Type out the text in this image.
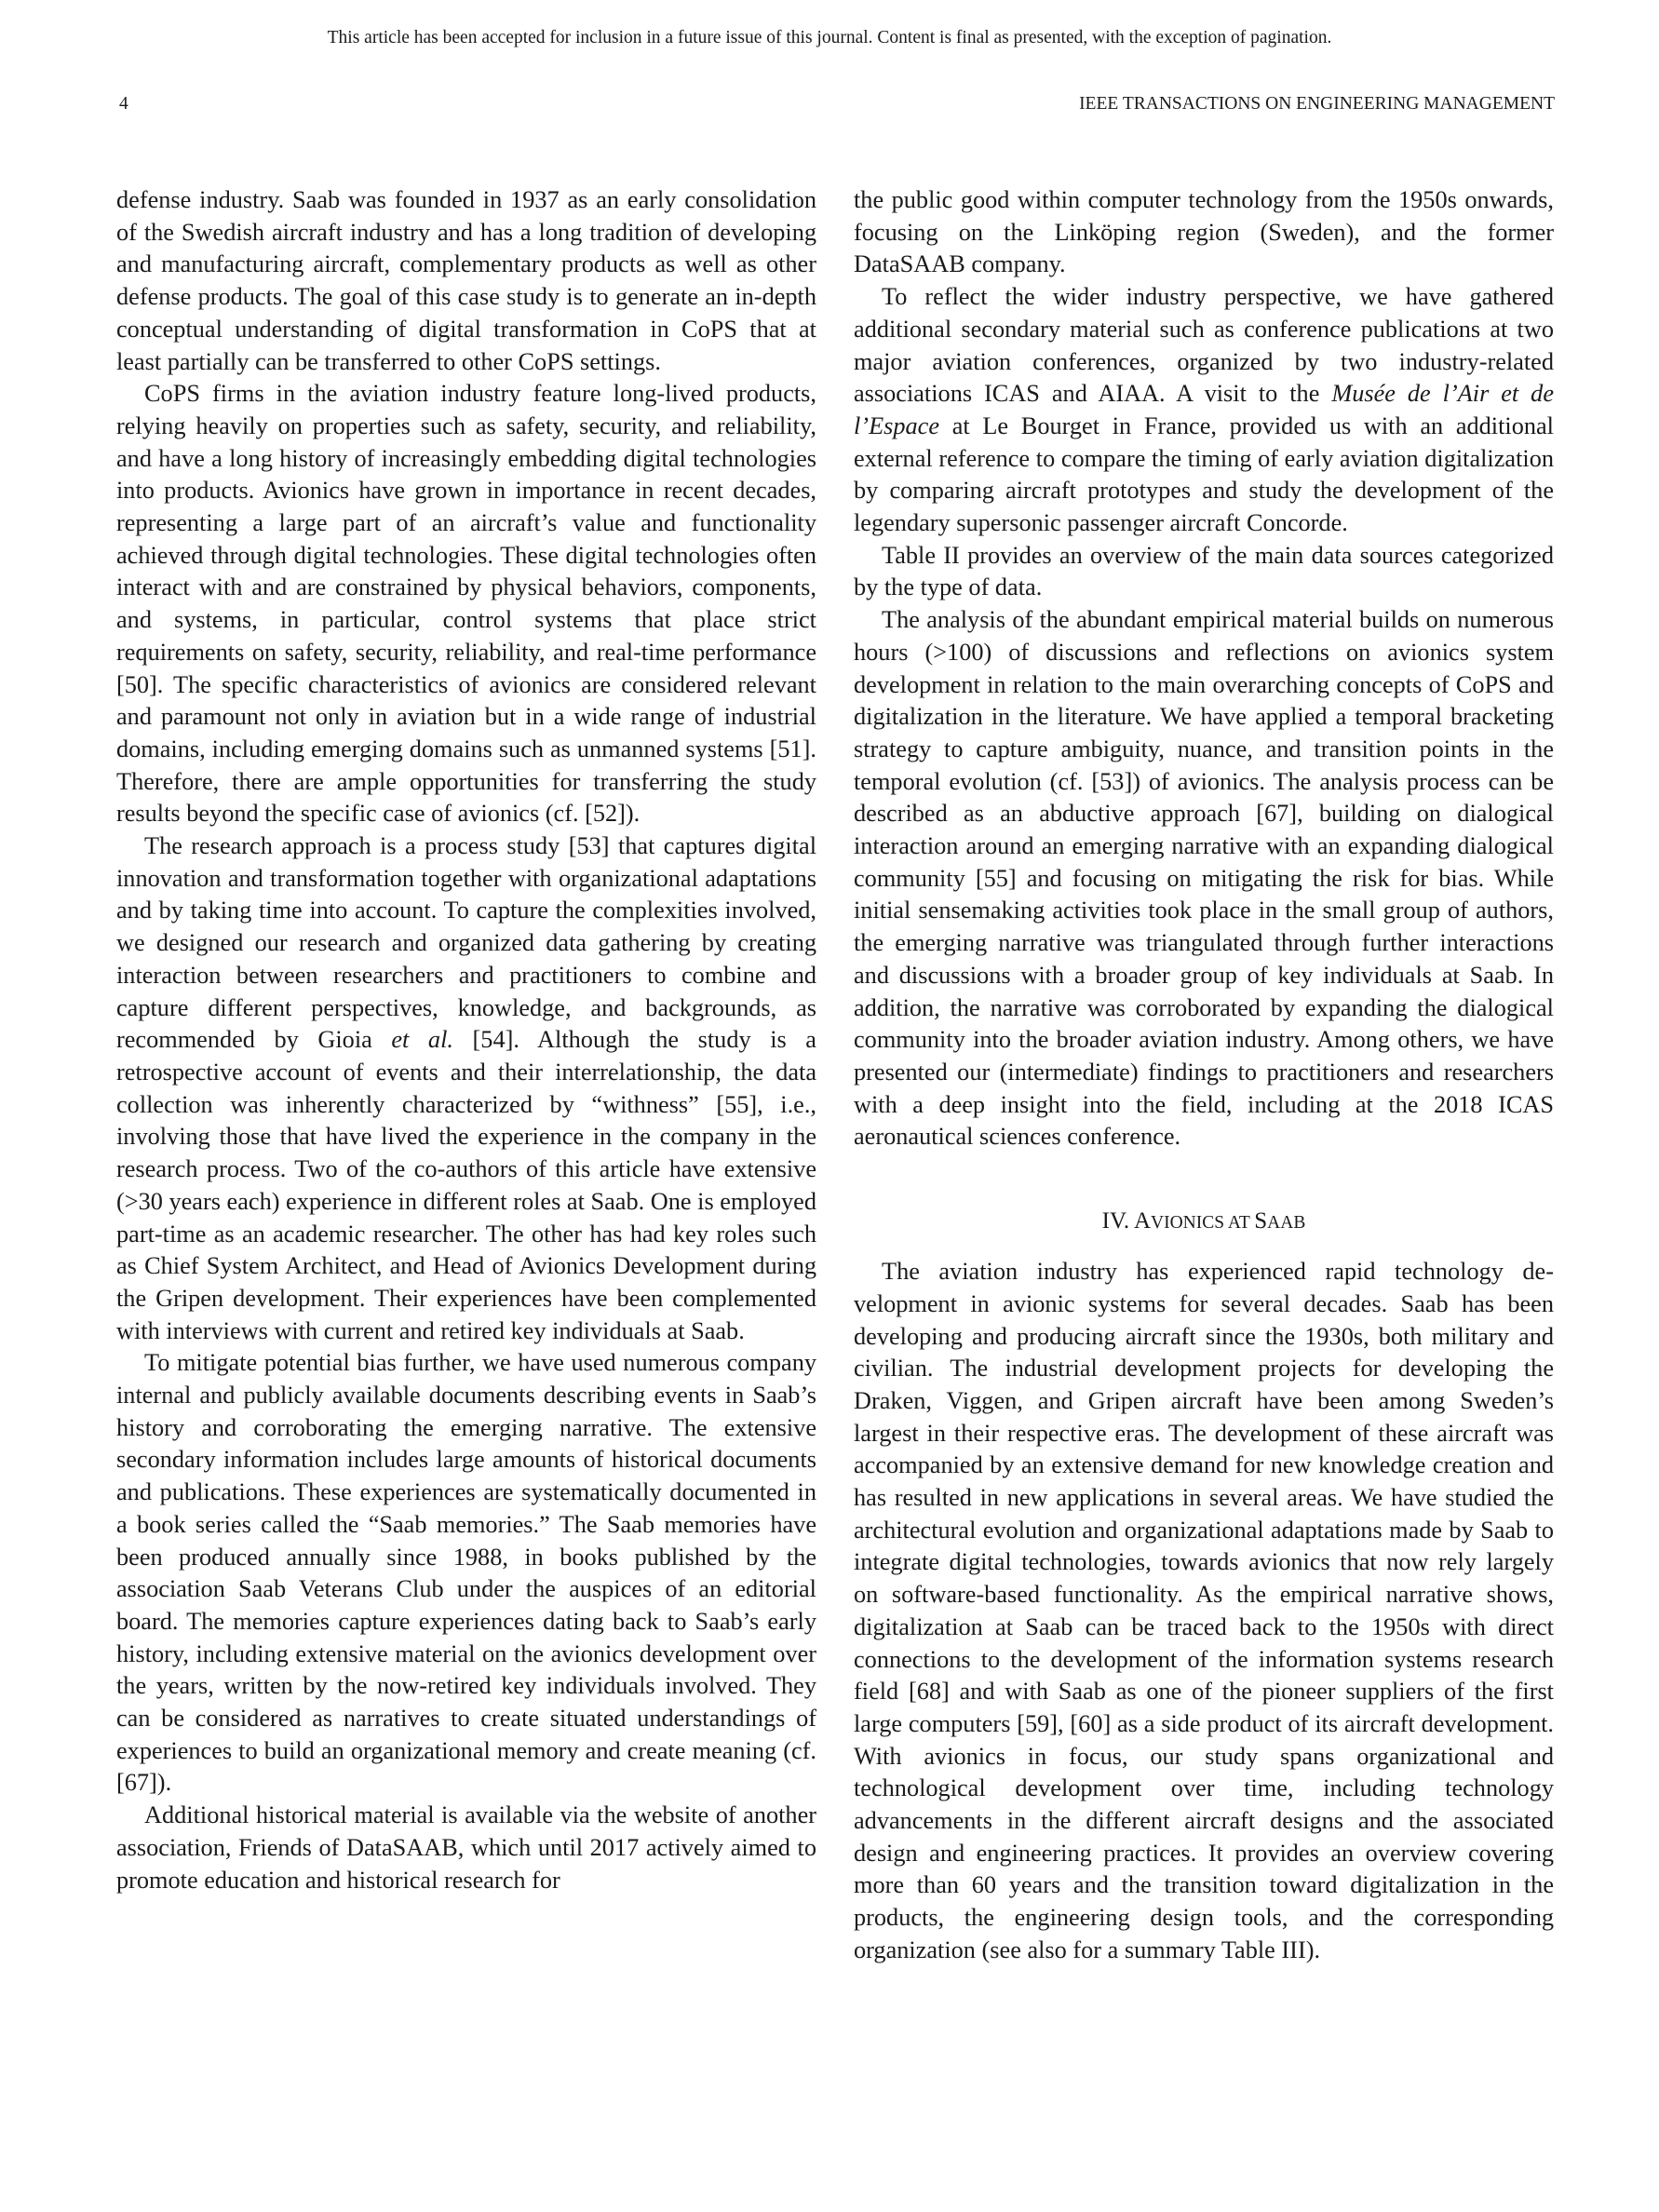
This article has been accepted for inclusion in a future issue of this journal. Content is final as presented, with the exception of pagination.
4	IEEE TRANSACTIONS ON ENGINEERING MANAGEMENT

defense industry. Saab was founded in 1937 as an early consolidation of the Swedish aircraft industry and has a long tradition of developing and manufacturing aircraft, complementary products as well as other defense products. The goal of this case study is to generate an in-depth conceptual understanding of digital transformation in CoPS that at least partially can be transferred to other CoPS settings.

CoPS firms in the aviation industry feature long-lived products, relying heavily on properties such as safety, security, and reliability, and have a long history of increasingly embedding digital technologies into products. Avionics have grown in importance in recent decades, representing a large part of an aircraft’s value and functionality achieved through digital technologies. These digital technologies often interact with and are constrained by physical behaviors, components, and systems, in particular, control systems that place strict requirements on safety, security, reliability, and real-time performance [50]. The specific characteristics of avionics are considered relevant and paramount not only in aviation but in a wide range of industrial domains, including emerging domains such as unmanned systems [51]. Therefore, there are ample opportunities for transferring the study results beyond the specific case of avionics (cf. [52]).

The research approach is a process study [53] that captures digital innovation and transformation together with organizational adaptations and by taking time into account. To capture the complexities involved, we designed our research and organized data gathering by creating interaction between researchers and practitioners to combine and capture different perspectives, knowledge, and backgrounds, as recommended by Gioia et al. [54]. Although the study is a retrospective account of events and their interrelationship, the data collection was inherently characterized by “withness” [55], i.e., involving those that have lived the experience in the company in the research process. Two of the co-authors of this article have extensive (>30 years each) experience in different roles at Saab. One is employed part-time as an academic researcher. The other has had key roles such as Chief System Architect, and Head of Avionics Development during the Gripen development. Their experiences have been complemented with interviews with current and retired key individuals at Saab.

To mitigate potential bias further, we have used numerous company internal and publicly available documents describing events in Saab’s history and corroborating the emerging narrative. The extensive secondary information includes large amounts of historical documents and publications. These experiences are systematically documented in a book series called the “Saab memories.” The Saab memories have been produced annually since 1988, in books published by the association Saab Veterans Club under the auspices of an editorial board. The memories capture experiences dating back to Saab’s early history, including extensive material on the avionics development over the years, written by the now-retired key individuals involved. They can be considered as narratives to create situated understandings of experiences to build an organizational memory and create meaning (cf. [67]).

Additional historical material is available via the website of another association, Friends of DataSAAB, which until 2017 actively aimed to promote education and historical research for

the public good within computer technology from the 1950s onwards, focusing on the Linköping region (Sweden), and the former DataSAAB company.

To reflect the wider industry perspective, we have gathered additional secondary material such as conference publications at two major aviation conferences, organized by two industry-related associations ICAS and AIAA. A visit to the Musée de l’Air et de l’Espace at Le Bourget in France, provided us with an additional external reference to compare the timing of early aviation digitalization by comparing aircraft prototypes and study the development of the legendary supersonic passenger aircraft Concorde.

Table II provides an overview of the main data sources categorized by the type of data.

The analysis of the abundant empirical material builds on numerous hours (>100) of discussions and reflections on avionics system development in relation to the main overarching concepts of CoPS and digitalization in the literature. We have applied a temporal bracketing strategy to capture ambiguity, nuance, and transition points in the temporal evolution (cf. [53]) of avionics. The analysis process can be described as an abductive approach [67], building on dialogical interaction around an emerging narrative with an expanding dialogical community [55] and focusing on mitigating the risk for bias. While initial sensemaking activities took place in the small group of authors, the emerging narrative was triangulated through further interactions and discussions with a broader group of key individuals at Saab. In addition, the narrative was corroborated by expanding the dialogical community into the broader aviation industry. Among others, we have presented our (intermediate) findings to practitioners and researchers with a deep insight into the field, including at the 2018 ICAS aeronautical sciences conference.

IV. AVIONICS AT SAAB

The aviation industry has experienced rapid technology development in avionic systems for several decades. Saab has been developing and producing aircraft since the 1930s, both military and civilian. The industrial development projects for developing the Draken, Viggen, and Gripen aircraft have been among Sweden’s largest in their respective eras. The development of these aircraft was accompanied by an extensive demand for new knowledge creation and has resulted in new applications in several areas. We have studied the architectural evolution and organizational adaptations made by Saab to integrate digital technologies, towards avionics that now rely largely on software-based functionality. As the empirical narrative shows, digitalization at Saab can be traced back to the 1950s with direct connections to the development of the information systems research field [68] and with Saab as one of the pioneer suppliers of the first large computers [59], [60] as a side product of its aircraft development. With avionics in focus, our study spans organizational and technological development over time, including technology advancements in the different aircraft designs and the associated design and engineering practices. It provides an overview covering more than 60 years and the transition toward digitalization in the products, the engineering design tools, and the corresponding organization (see also for a summary Table III).
